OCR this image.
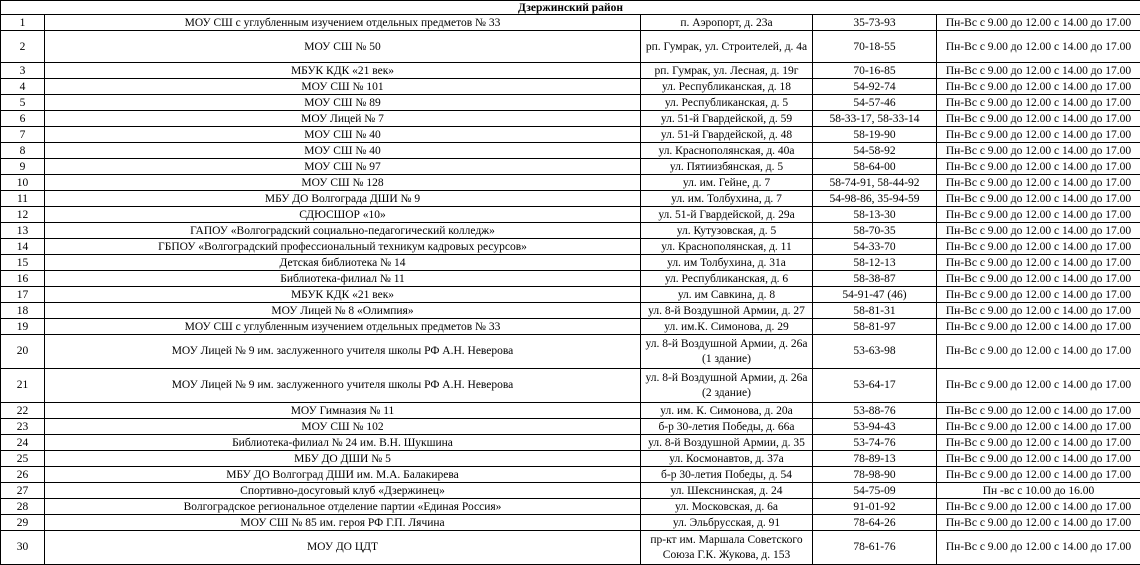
Дзержинский район				
1	МОУ СШ с углубленным изучением отдельных предметов № 33	п. Аэропорт, д. 23а	35-73-93	Пн-Вс с 9.00 до 12.00 с 14.00 до 17.00
2	МОУ СШ № 50	рп. Гумрак, ул. Строителей, д. 4а	70-18-55	Пн-Вс с 9.00 до 12.00 с 14.00 до 17.00
3	МБУК КДК «21 век»	рп. Гумрак, ул. Лесная, д. 19г	70-16-85	Пн-Вс с 9.00 до 12.00 с 14.00 до 17.00
4	МОУ СШ № 101	ул. Республиканская, д. 18	54-92-74	Пн-Вс с 9.00 до 12.00 с 14.00 до 17.00
5	МОУ СШ № 89	ул. Республиканская, д. 5	54-57-46	Пн-Вс с 9.00 до 12.00 с 14.00 до 17.00
6	МОУ Лицей № 7	ул. 51-й Гвардейской, д. 59	58-33-17, 58-33-14	Пн-Вс с 9.00 до 12.00 с 14.00 до 17.00
7	МОУ СШ № 40	ул. 51-й Гвардейской, д. 48	58-19-90	Пн-Вс с 9.00 до 12.00 с 14.00 до 17.00
8	МОУ СШ № 40	ул. Краснополянская, д. 40а	54-58-92	Пн-Вс с 9.00 до 12.00 с 14.00 до 17.00
9	МОУ СШ № 97	ул. Пятиизбянская, д. 5	58-64-00	Пн-Вс с 9.00 до 12.00 с 14.00 до 17.00
10	МОУ СШ № 128	ул. им. Гейне, д. 7	58-74-91, 58-44-92	Пн-Вс с 9.00 до 12.00 с 14.00 до 17.00
11	МБУ ДО Волгограда ДШИ № 9	ул. им. Толбухина, д. 7	54-98-86, 35-94-59	Пн-Вс с 9.00 до 12.00 с 14.00 до 17.00
12	СДЮСШОР «10»	ул. 51-й Гвардейской, д. 29а	58-13-30	Пн-Вс с 9.00 до 12.00 с 14.00 до 17.00
13	ГАПОУ «Волгоградский социально-педагогический колледж»	ул. Кутузовская, д. 5	58-70-35	Пн-Вс с 9.00 до 12.00 с 14.00 до 17.00
14	ГБПОУ «Волгоградский профессиональный техникум кадровых ресурсов»	ул. Краснополянская, д. 11	54-33-70	Пн-Вс с 9.00 до 12.00 с 14.00 до 17.00
15	Детская библиотека № 14	ул. им Толбухина, д. 31а	58-12-13	Пн-Вс с 9.00 до 12.00 с 14.00 до 17.00
16	Библиотека-филиал № 11	ул. Республиканская, д. 6	58-38-87	Пн-Вс с 9.00 до 12.00 с 14.00 до 17.00
17	МБУК КДК «21 век»	ул. им Савкина, д. 8	54-91-47 (46)	Пн-Вс с 9.00 до 12.00 с 14.00 до 17.00
18	МОУ Лицей № 8 «Олимпия»	ул. 8-й Воздушной Армии, д. 27	58-81-31	Пн-Вс с 9.00 до 12.00 с 14.00 до 17.00
19	МОУ СШ с углубленным изучением отдельных предметов № 33	ул. им.К. Симонова, д. 29	58-81-97	Пн-Вс с 9.00 до 12.00 с 14.00 до 17.00
20	МОУ Лицей № 9 им. заслуженного учителя школы РФ А.Н. Неверова	ул. 8-й Воздушной Армии, д. 26а (1 здание)	53-63-98	Пн-Вс с 9.00 до 12.00 с 14.00 до 17.00
21	МОУ Лицей № 9 им. заслуженного учителя школы РФ А.Н. Неверова	ул. 8-й Воздушной Армии, д. 26а (2 здание)	53-64-17	Пн-Вс с 9.00 до 12.00 с 14.00 до 17.00
22	МОУ Гимназия № 11	ул. им. К. Симонова, д. 20а	53-88-76	Пн-Вс с 9.00 до 12.00 с 14.00 до 17.00
23	МОУ СШ № 102	б-р 30-летия Победы, д. 66а	53-94-43	Пн-Вс с 9.00 до 12.00 с 14.00 до 17.00
24	Библиотека-филиал № 24 им. В.Н. Шукшина	ул. 8-й Воздушной Армии, д. 35	53-74-76	Пн-Вс с 9.00 до 12.00 с 14.00 до 17.00
25	МБУ ДО ДШИ № 5	ул. Космонавтов, д. 37а	78-89-13	Пн-Вс с 9.00 до 12.00 с 14.00 до 17.00
26	МБУ ДО Волгоград ДШИ им. М.А. Балакирева	б-р 30-летия Победы, д. 54	78-98-90	Пн-Вс с 9.00 до 12.00 с 14.00 до 17.00
27	Спортивно-досуговый клуб «Дзержинец»	ул. Шекснинская, д. 24	54-75-09	Пн -вс с 10.00 до 16.00
28	Волгоградское региональное отделение партии «Единая Россия»	ул. Московская, д. 6а	91-01-92	Пн-Вс с 9.00 до 12.00 с 14.00 до 17.00
29	МОУ СШ № 85 им. героя РФ Г.П. Лячина	ул. Эльбрусская, д. 91	78-64-26	Пн-Вс с 9.00 до 12.00 с 14.00 до 17.00
30	МОУ ДО ЦДТ	пр-кт им. Маршала Советского Союза Г.К. Жукова, д. 153	78-61-76	Пн-Вс с 9.00 до 12.00 с 14.00 до 17.00
